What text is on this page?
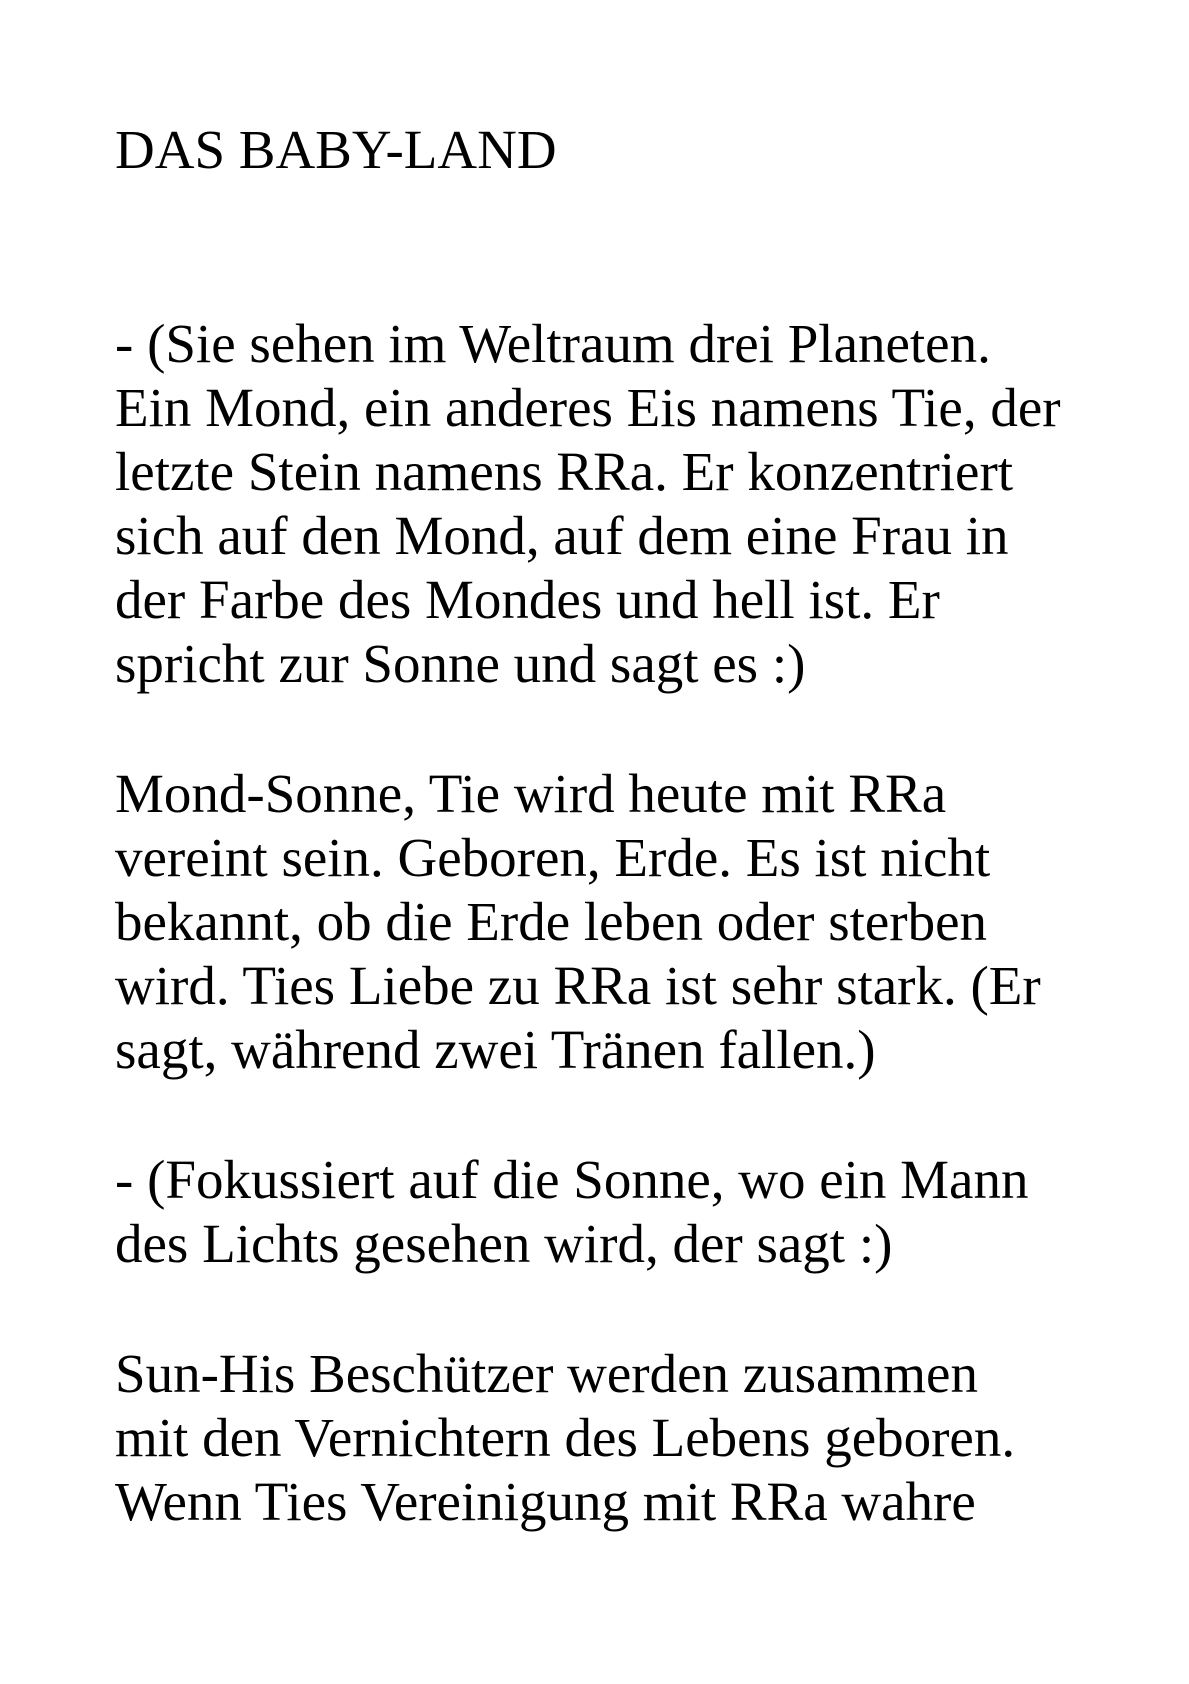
DAS BABY-LAND

- (Sie sehen im Weltraum drei Planeten.
Ein Mond, ein anderes Eis namens Tie, der
letzte Stein namens RRa. Er konzentriert
sich auf den Mond, auf dem eine Frau in
der Farbe des Mondes und hell ist. Er
spricht zur Sonne und sagt es :)

Mond-Sonne, Tie wird heute mit RRa
vereint sein. Geboren, Erde. Es ist nicht
bekannt, ob die Erde leben oder sterben
wird. Ties Liebe zu RRa ist sehr stark. (Er
sagt, während zwei Tränen fallen.)

- (Fokussiert auf die Sonne, wo ein Mann
des Lichts gesehen wird, der sagt :)

Sun-His Beschützer werden zusammen
mit den Vernichtern des Lebens geboren.
Wenn Ties Vereinigung mit RRa wahre
